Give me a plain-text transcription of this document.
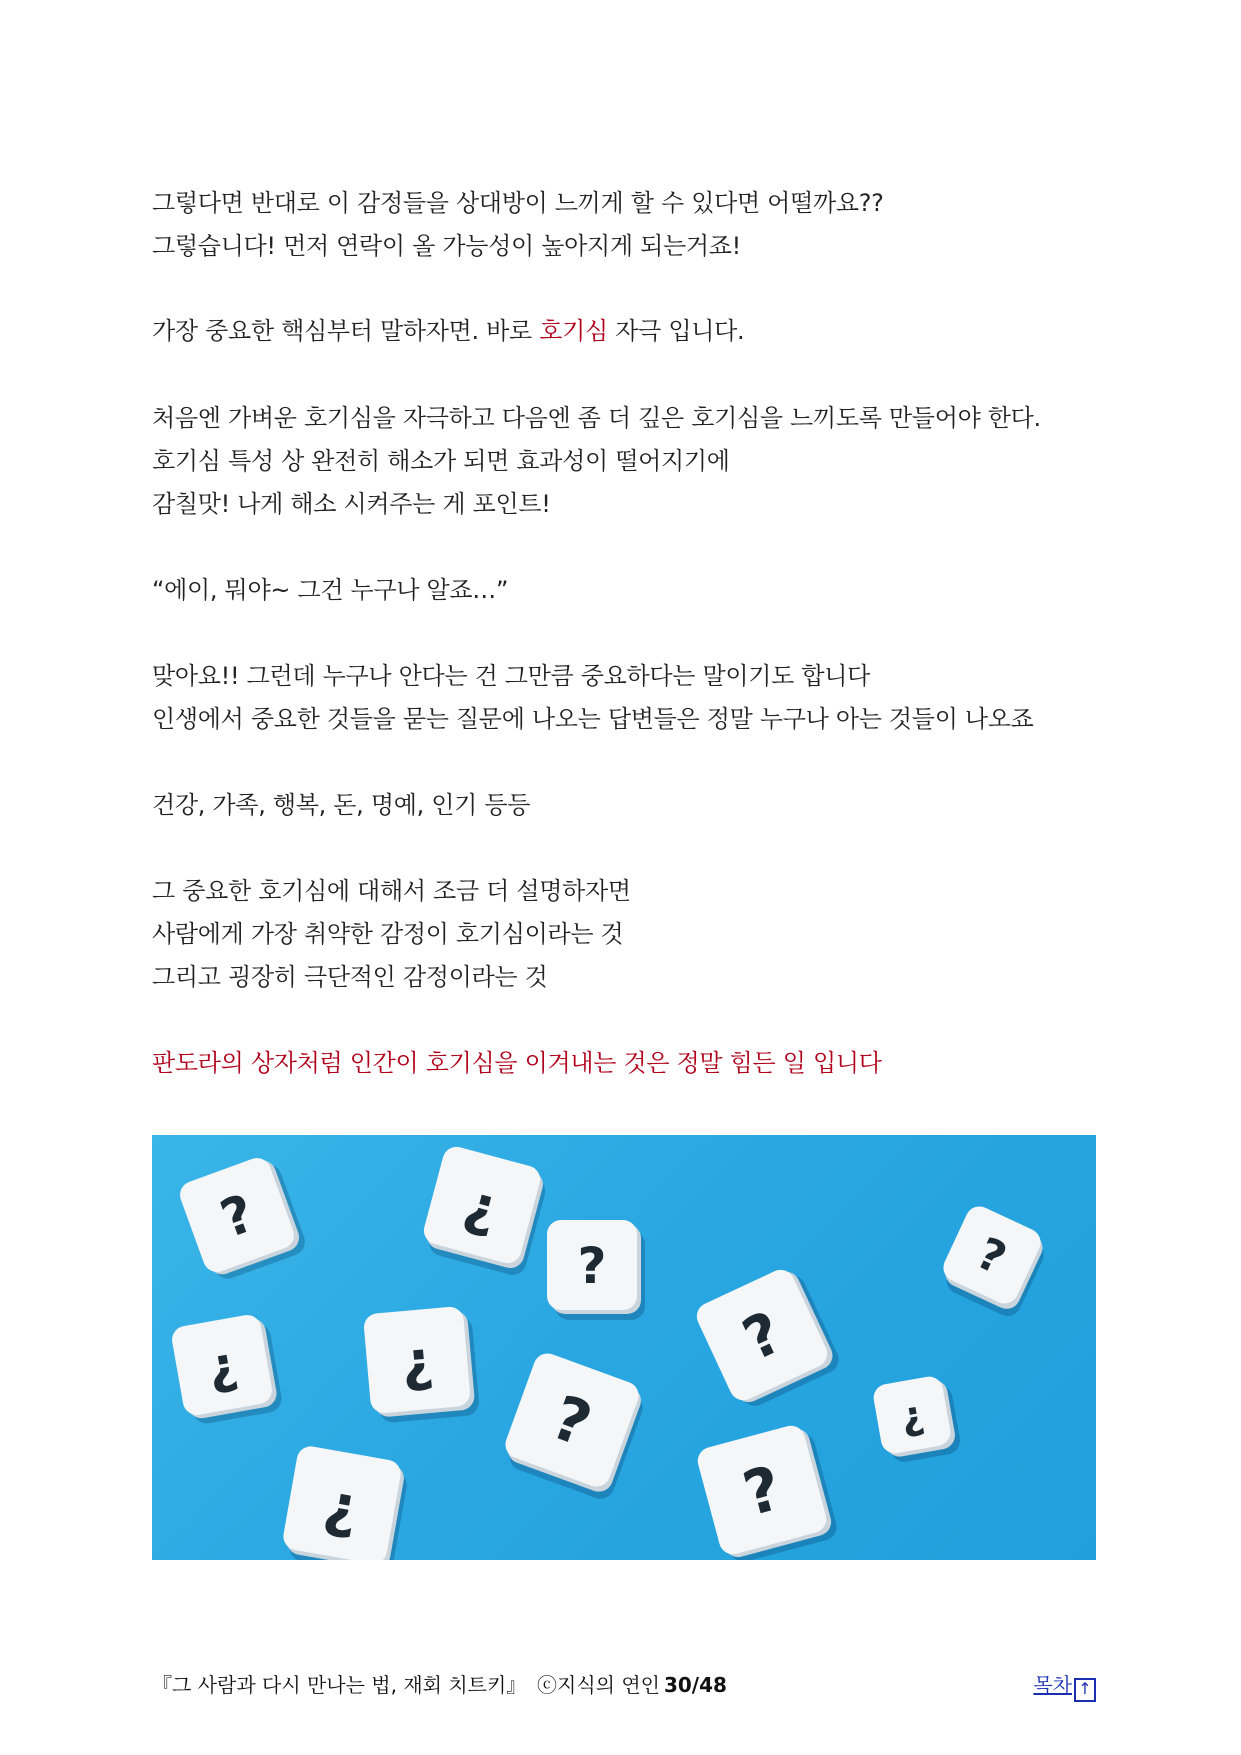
그렇다면 반대로 이 감정들을 상대방이 느끼게 할 수 있다면 어떨까요??

그렇습니다! 먼저 연락이 올 가능성이 높아지게 되는거죠!

가장 중요한 핵심부터 말하자면. 바로 호기심 자극 입니다.

처음엔 가벼운 호기심을 자극하고 다음엔 좀 더 깊은 호기심을 느끼도록 만들어야 한다.

호기심 특성 상 완전히 해소가 되면 효과성이 떨어지기에

감칠맛! 나게 해소 시켜주는 게 포인트!

“에이, 뭐야~ 그건 누구나 알죠…”

맞아요!! 그런데 누구나 안다는 건 그만큼 중요하다는 말이기도 합니다

인생에서 중요한 것들을 묻는 질문에 나오는 답변들은 정말 누구나 아는 것들이 나오죠

건강, 가족, 행복, 돈, 명예, 인기 등등

그 중요한 호기심에 대해서 조금 더 설명하자면

사람에게 가장 취약한 감정이 호기심이라는 것

그리고 굉장히 극단적인 감정이라는 것

판도라의 상자처럼 인간이 호기심을 이겨내는 것은 정말 힘든 일 입니다

?	¿
?
¿	¿
?
?
¿	?
?
¿
『그 사람과 다시 만나는 법, 재회 치트키』 ⓒ지식의 연인 30/48	목차 ↑
